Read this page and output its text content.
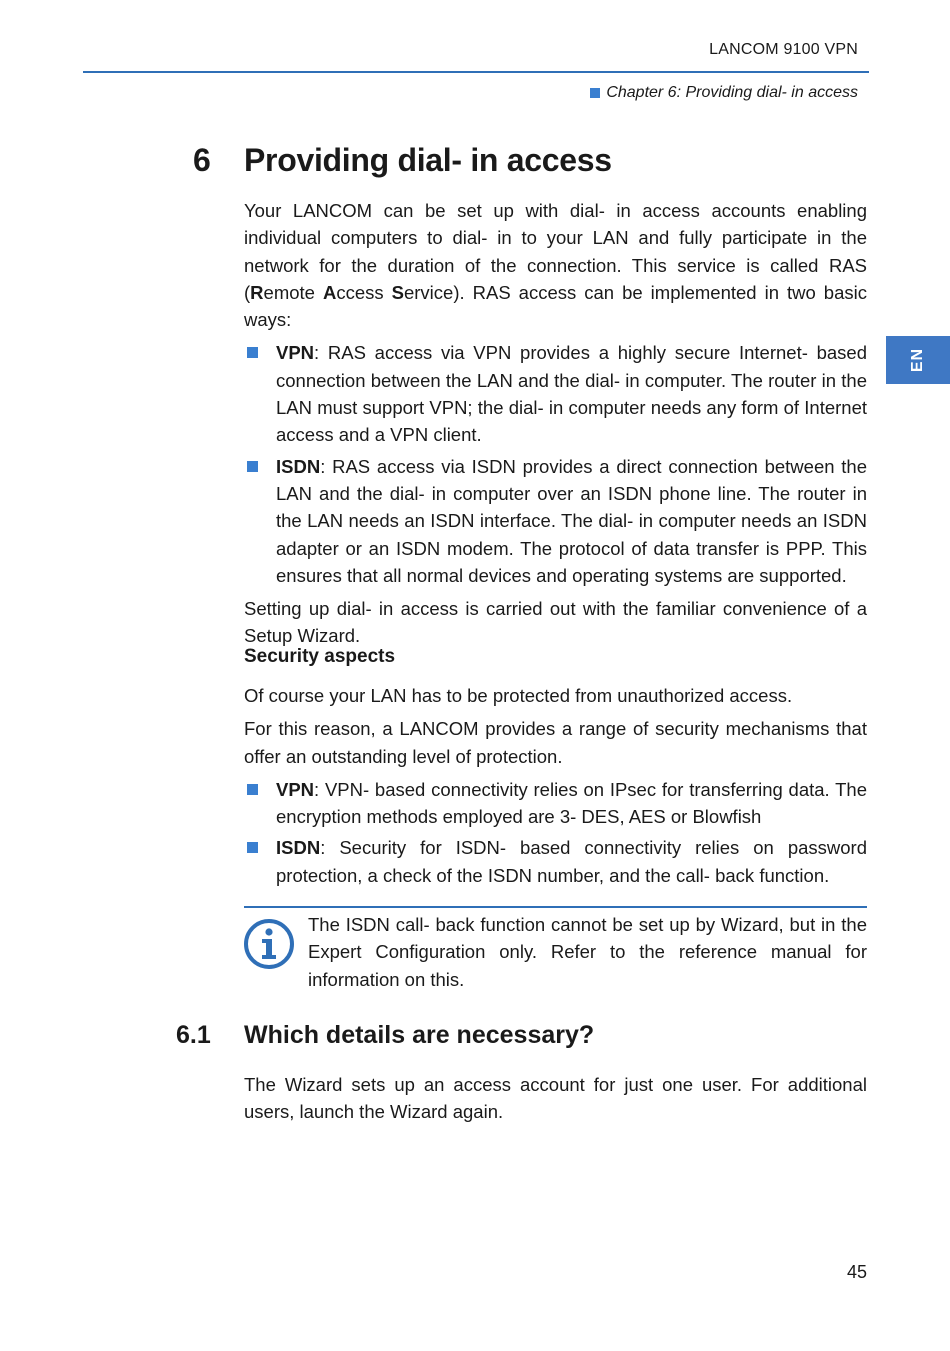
LANCOM 9100 VPN
Chapter 6: Providing dial- in access
EN
6 Providing dial- in access

Your LANCOM can be set up with dial- in access accounts enabling individual computers to dial- in to your LAN and fully participate in the network for the duration of the connection. This service is called RAS (Remote Access Service). RAS access can be implemented in two basic ways:

VPN: RAS access via VPN provides a highly secure Internet- based connection between the LAN and the dial- in computer. The router in the LAN must support VPN; the dial- in computer needs any form of Internet access and a VPN client.
ISDN: RAS access via ISDN provides a direct connection between the LAN and the dial- in computer over an ISDN phone line. The router in the LAN needs an ISDN interface. The dial- in computer needs an ISDN adapter or an ISDN modem. The protocol of data transfer is PPP. This ensures that all normal devices and operating systems are supported.

Setting up dial- in access is carried out with the familiar convenience of a Setup Wizard.

Security aspects

Of course your LAN has to be protected from unauthorized access.

For this reason, a LANCOM provides a range of security mechanisms that offer an outstanding level of protection.

VPN: VPN- based connectivity relies on IPsec for transferring data. The encryption methods employed are 3- DES, AES or Blowfish
ISDN: Security for ISDN- based connectivity relies on password protection, a check of the ISDN number, and the call- back function.

The ISDN call- back function cannot be set up by Wizard, but in the Expert Configuration only. Refer to the reference manual for information on this.

6.1 Which details are necessary?

The Wizard sets up an access account for just one user. For additional users, launch the Wizard again.

45
